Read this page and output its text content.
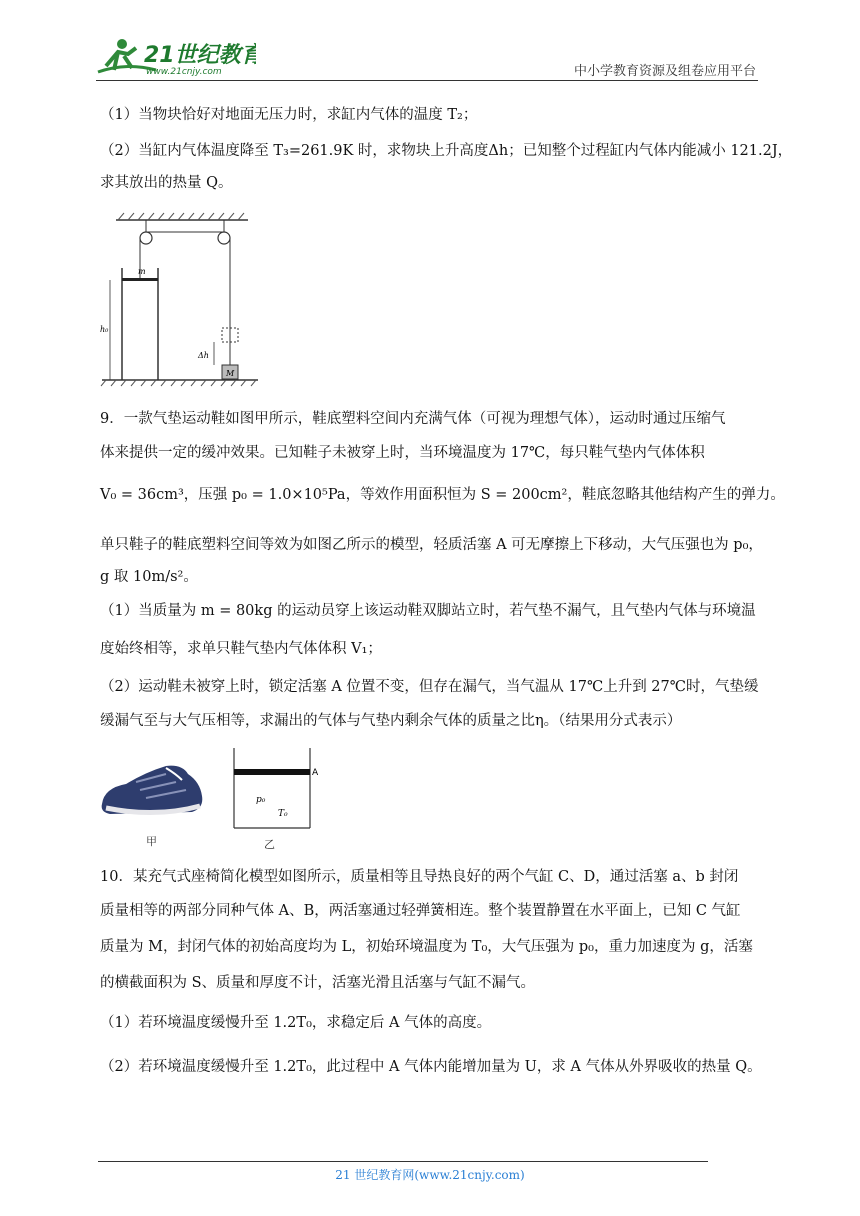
21世纪教育
www.21cnjy.com	中小学教育资源及组卷应用平台
（1）当物块恰好对地面无压力时，求缸内气体的温度 T₂；
（2）当缸内气体温度降至 T₃=261.9K 时，求物块上升高度Δh；已知整个过程缸内气体内能减小 121.2J，
求其放出的热量 Q。
m
h₀
Δh
M
9．一款气垫运动鞋如图甲所示，鞋底塑料空间内充满气体（可视为理想气体），运动时通过压缩气
体来提供一定的缓冲效果。已知鞋子未被穿上时，当环境温度为 17℃，每只鞋气垫内气体体积
V₀ = 36cm³，压强 p₀ = 1.0×10⁵Pa，等效作用面积恒为 S = 200cm²，鞋底忽略其他结构产生的弹力。
单只鞋子的鞋底塑料空间等效为如图乙所示的模型，轻质活塞 A 可无摩擦上下移动，大气压强也为 p₀，
g 取 10m/s²。
（1）当质量为 m = 80kg 的运动员穿上该运动鞋双脚站立时，若气垫不漏气，且气垫内气体与环境温
度始终相等，求单只鞋气垫内气体体积 V₁；
（2）运动鞋未被穿上时，锁定活塞 A 位置不变，但存在漏气，当气温从 17℃上升到 27℃时，气垫缓
缓漏气至与大气压相等，求漏出的气体与气垫内剩余气体的质量之比η。（结果用分式表示）
甲
A
p₀
T₀
乙
10．某充气式座椅简化模型如图所示，质量相等且导热良好的两个气缸 C、D，通过活塞 a、b 封闭
质量相等的两部分同种气体 A、B，两活塞通过轻弹簧相连。整个装置静置在水平面上，已知 C 气缸
质量为 M，封闭气体的初始高度均为 L，初始环境温度为 T₀，大气压强为 p₀，重力加速度为 g，活塞
的横截面积为 S、质量和厚度不计，活塞光滑且活塞与气缸不漏气。
（1）若环境温度缓慢升至 1.2T₀，求稳定后 A 气体的高度。
（2）若环境温度缓慢升至 1.2T₀，此过程中 A 气体内能增加量为 U，求 A 气体从外界吸收的热量 Q。
21 世纪教育网(www.21cnjy.com)
